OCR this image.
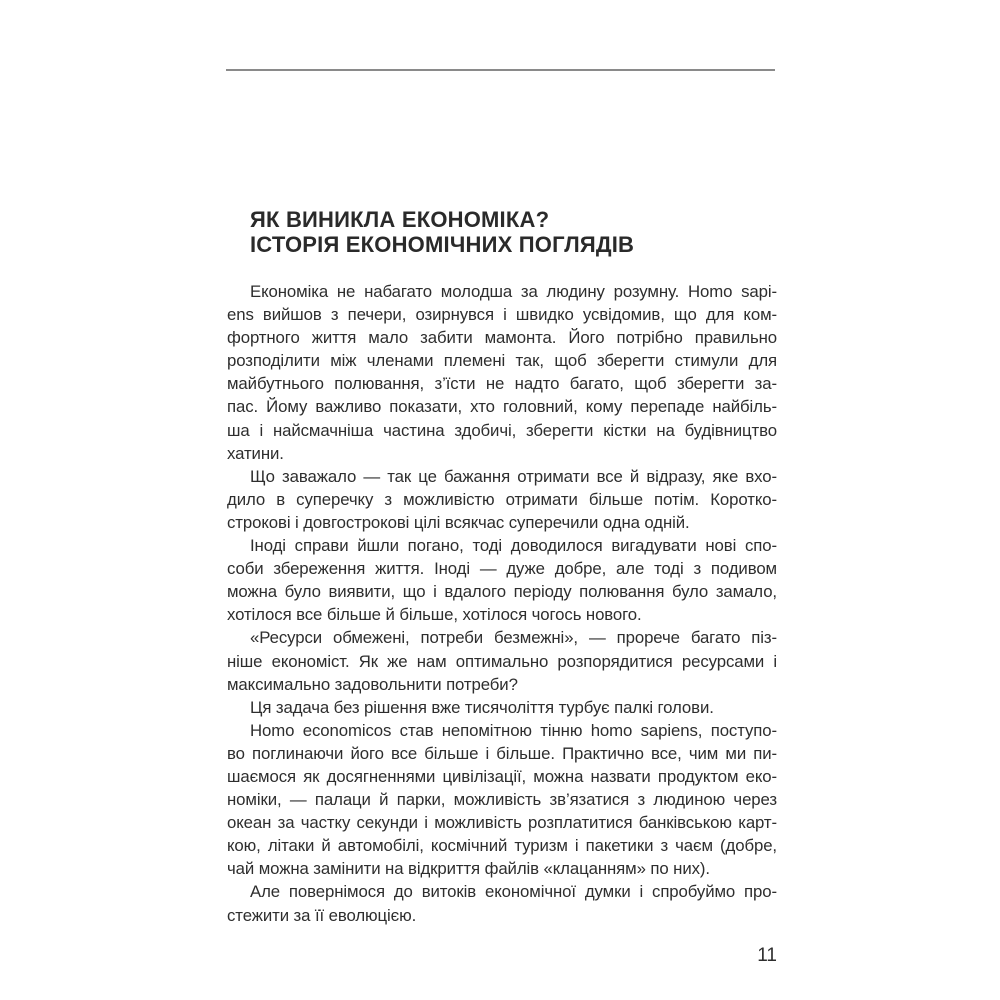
ЯК ВИНИКЛА ЕКОНОМІКА?
ІСТОРІЯ ЕКОНОМІЧНИХ ПОГЛЯДІВ
Економіка не набагато молодша за людину розумну. Homo sapi-
ens вийшов з печери, озирнувся і швидко усвідомив, що для ком-
фортного життя мало забити мамонта. Його потрібно правильно
розподілити між членами племені так, щоб зберегти стимули для
майбутнього полювання, з’їсти не надто багато, щоб зберегти за-
пас. Йому важливо показати, хто головний, кому перепаде найбіль-
ша і найсмачніша частина здобичі, зберегти кістки на будівництво
хатини.
Що заважало — так це бажання отримати все й відразу, яке вхо-
дило в суперечку з можливістю отримати більше потім. Коротко-
строкові і довгострокові цілі всякчас суперечили одна одній.
Іноді справи йшли погано, тоді доводилося вигадувати нові спо-
соби збереження життя. Іноді — дуже добре, але тоді з подивом
можна було виявити, що і вдалого періоду полювання було замало,
хотілося все більше й більше, хотілося чогось нового.
«Ресурси обмежені, потреби безмежні», — прорече багато піз-
ніше економіст. Як же нам оптимально розпорядитися ресурсами і
максимально задовольнити потреби?
Ця задача без рішення вже тисячоліття турбує палкі голови.
Homo economicos став непомітною тінню homo sapiens, поступо-
во поглинаючи його все більше і більше. Практично все, чим ми пи-
шаємося як досягненнями цивілізації, можна назвати продуктом еко-
номіки, — палаци й парки, можливість зв’язатися з людиною через
океан за частку секунди і можливість розплатитися банківською карт-
кою, літаки й автомобілі, космічний туризм і пакетики з чаєм (добре,
чай можна замінити на відкриття файлів «клацанням» по них).
Але повернімося до витоків економічної думки і спробуймо про-
стежити за її еволюцією.
11
